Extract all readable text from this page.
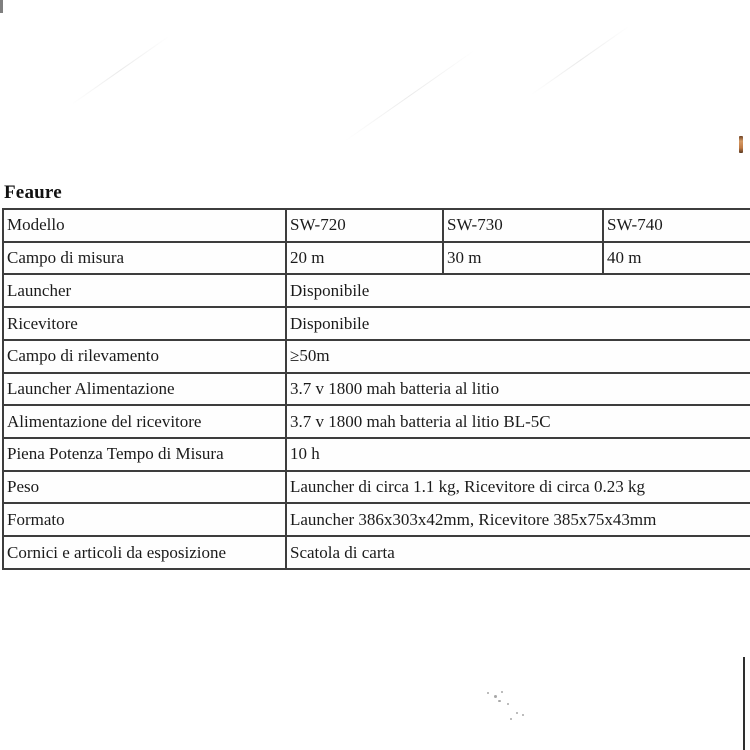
Feaure
Modello	SW-720	SW-730	SW-740
Campo di misura	20 m	30 m	40 m
Launcher	Disponibile		
Ricevitore	Disponibile		
Campo di rilevamento	≥50m		
Launcher Alimentazione	3.7 v 1800 mah batteria al litio		
Alimentazione del ricevitore	3.7 v 1800 mah batteria al litio BL-5C		
Piena Potenza Tempo di Misura	10 h		
Peso	Launcher di circa 1.1 kg, Ricevitore di circa 0.23 kg		
Formato	Launcher 386x303x42mm, Ricevitore 385x75x43mm		
Cornici e articoli da esposizione	Scatola di carta		
